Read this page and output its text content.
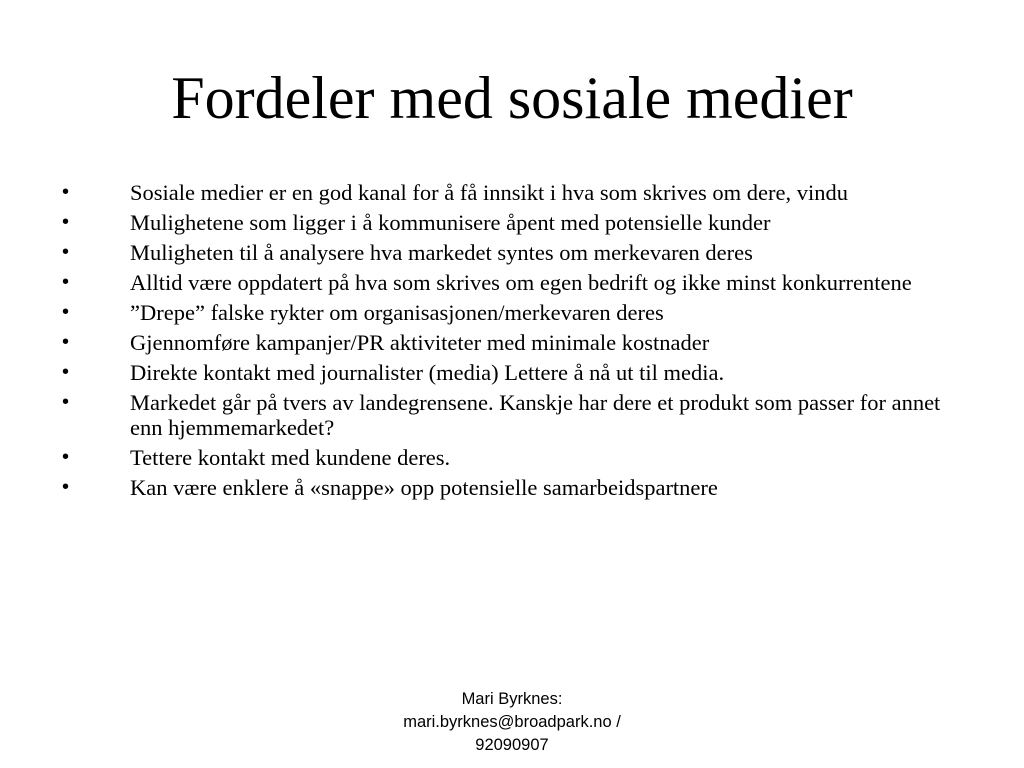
Fordeler med sosiale medier
•	Sosiale medier er en god kanal for å få innsikt i hva som skrives om dere, vindu
•	Mulighetene som ligger i å kommunisere åpent med potensielle kunder
•	Muligheten til å analysere hva markedet syntes om merkevaren deres
•	Alltid være oppdatert på hva som skrives om egen bedrift og ikke minst konkurrentene
•	”Drepe” falske rykter om organisasjonen/merkevaren deres
•	Gjennomføre kampanjer/PR aktiviteter med minimale kostnader
•	Direkte kontakt med journalister (media) Lettere å nå ut til media.
•	Markedet går på tvers av landegrensene. Kanskje har dere et produkt som passer for annet enn hjemmemarkedet?
•	Tettere kontakt med kundene deres.
•	Kan være enklere å «snappe» opp potensielle samarbeidspartnere
Mari Byrknes:
mari.byrknes@broadpark.no /
92090907
